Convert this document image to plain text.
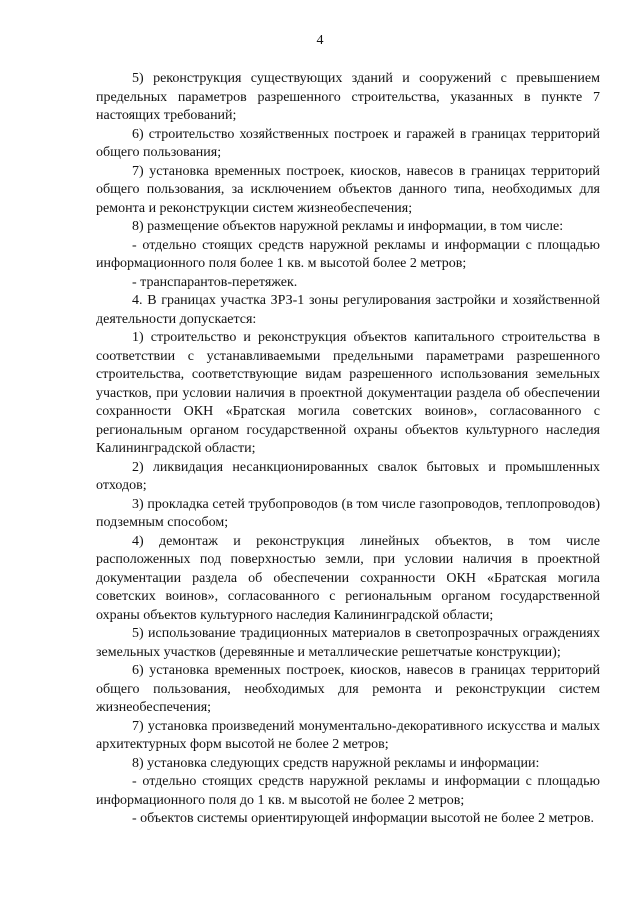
4

5) реконструкция существующих зданий и сооружений с превышением предельных параметров разрешенного строительства, указанных в пункте 7 настоящих требований;

6) строительство хозяйственных построек и гаражей в границах территорий общего пользования;

7) установка временных построек, киосков, навесов в границах территорий общего пользования, за исключением объектов данного типа, необходимых для ремонта и реконструкции систем жизнеобеспечения;

8) размещение объектов наружной рекламы и информации, в том числе:

- отдельно стоящих средств наружной рекламы и информации с площадью информационного поля более 1 кв. м высотой более 2 метров;

- транспарантов-перетяжек.

4. В границах участка ЗРЗ-1 зоны регулирования застройки и хозяйственной деятельности допускается:

1) строительство и реконструкция объектов капитального строительства в соответствии с устанавливаемыми предельными параметрами разрешенного строительства, соответствующие видам разрешенного использования земельных участков, при условии наличия в проектной документации раздела об обеспечении сохранности ОКН «Братская могила советских воинов», согласованного с региональным органом государственной охраны объектов культурного наследия Калининградской области;

2) ликвидация несанкционированных свалок бытовых и промышленных отходов;

3) прокладка сетей трубопроводов (в том числе газопроводов, теплопроводов) подземным способом;

4) демонтаж и реконструкция линейных объектов, в том числе расположенных под поверхностью земли, при условии наличия в проектной документации раздела об обеспечении сохранности ОКН «Братская могила советских воинов», согласованного с региональным органом государственной охраны объектов культурного наследия Калининградской области;

5) использование традиционных материалов в светопрозрачных ограждениях земельных участков (деревянные и металлические решетчатые конструкции);

6) установка временных построек, киосков, навесов в границах территорий общего пользования, необходимых для ремонта и реконструкции систем жизнеобеспечения;

7) установка произведений монументально-декоративного искусства и малых архитектурных форм высотой не более 2 метров;

8) установка следующих средств наружной рекламы и информации:

- отдельно стоящих средств наружной рекламы и информации с площадью информационного поля до 1 кв. м высотой не более 2 метров;

- объектов системы ориентирующей информации высотой не более 2 метров.
